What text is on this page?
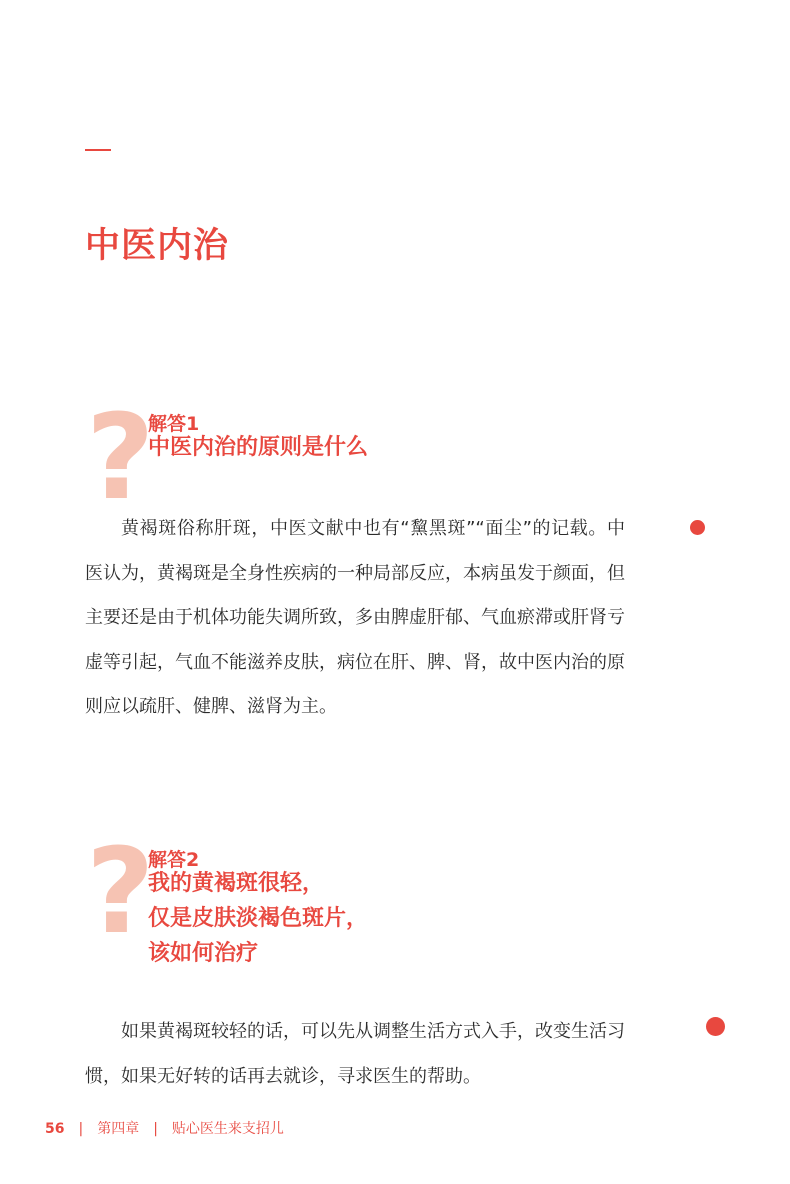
中医内治
?
解答1
中医内治的原则是什么

黄褐斑俗称肝斑，中医文献中也有“黧黑斑”“面尘”的记载。中医认为，黄褐斑是全身性疾病的一种局部反应，本病虽发于颜面，但主要还是由于机体功能失调所致，多由脾虚肝郁、气血瘀滞或肝肾亏虚等引起，气血不能滋养皮肤，病位在肝、脾、肾，故中医内治的原则应以疏肝、健脾、滋肾为主。

?
解答2
我的黄褐斑很轻，
仅是皮肤淡褐色斑片，
该如何治疗

如果黄褐斑较轻的话，可以先从调整生活方式入手，改变生活习惯，如果无好转的话再去就诊，寻求医生的帮助。

56 | 第四章 | 贴心医生来支招儿
